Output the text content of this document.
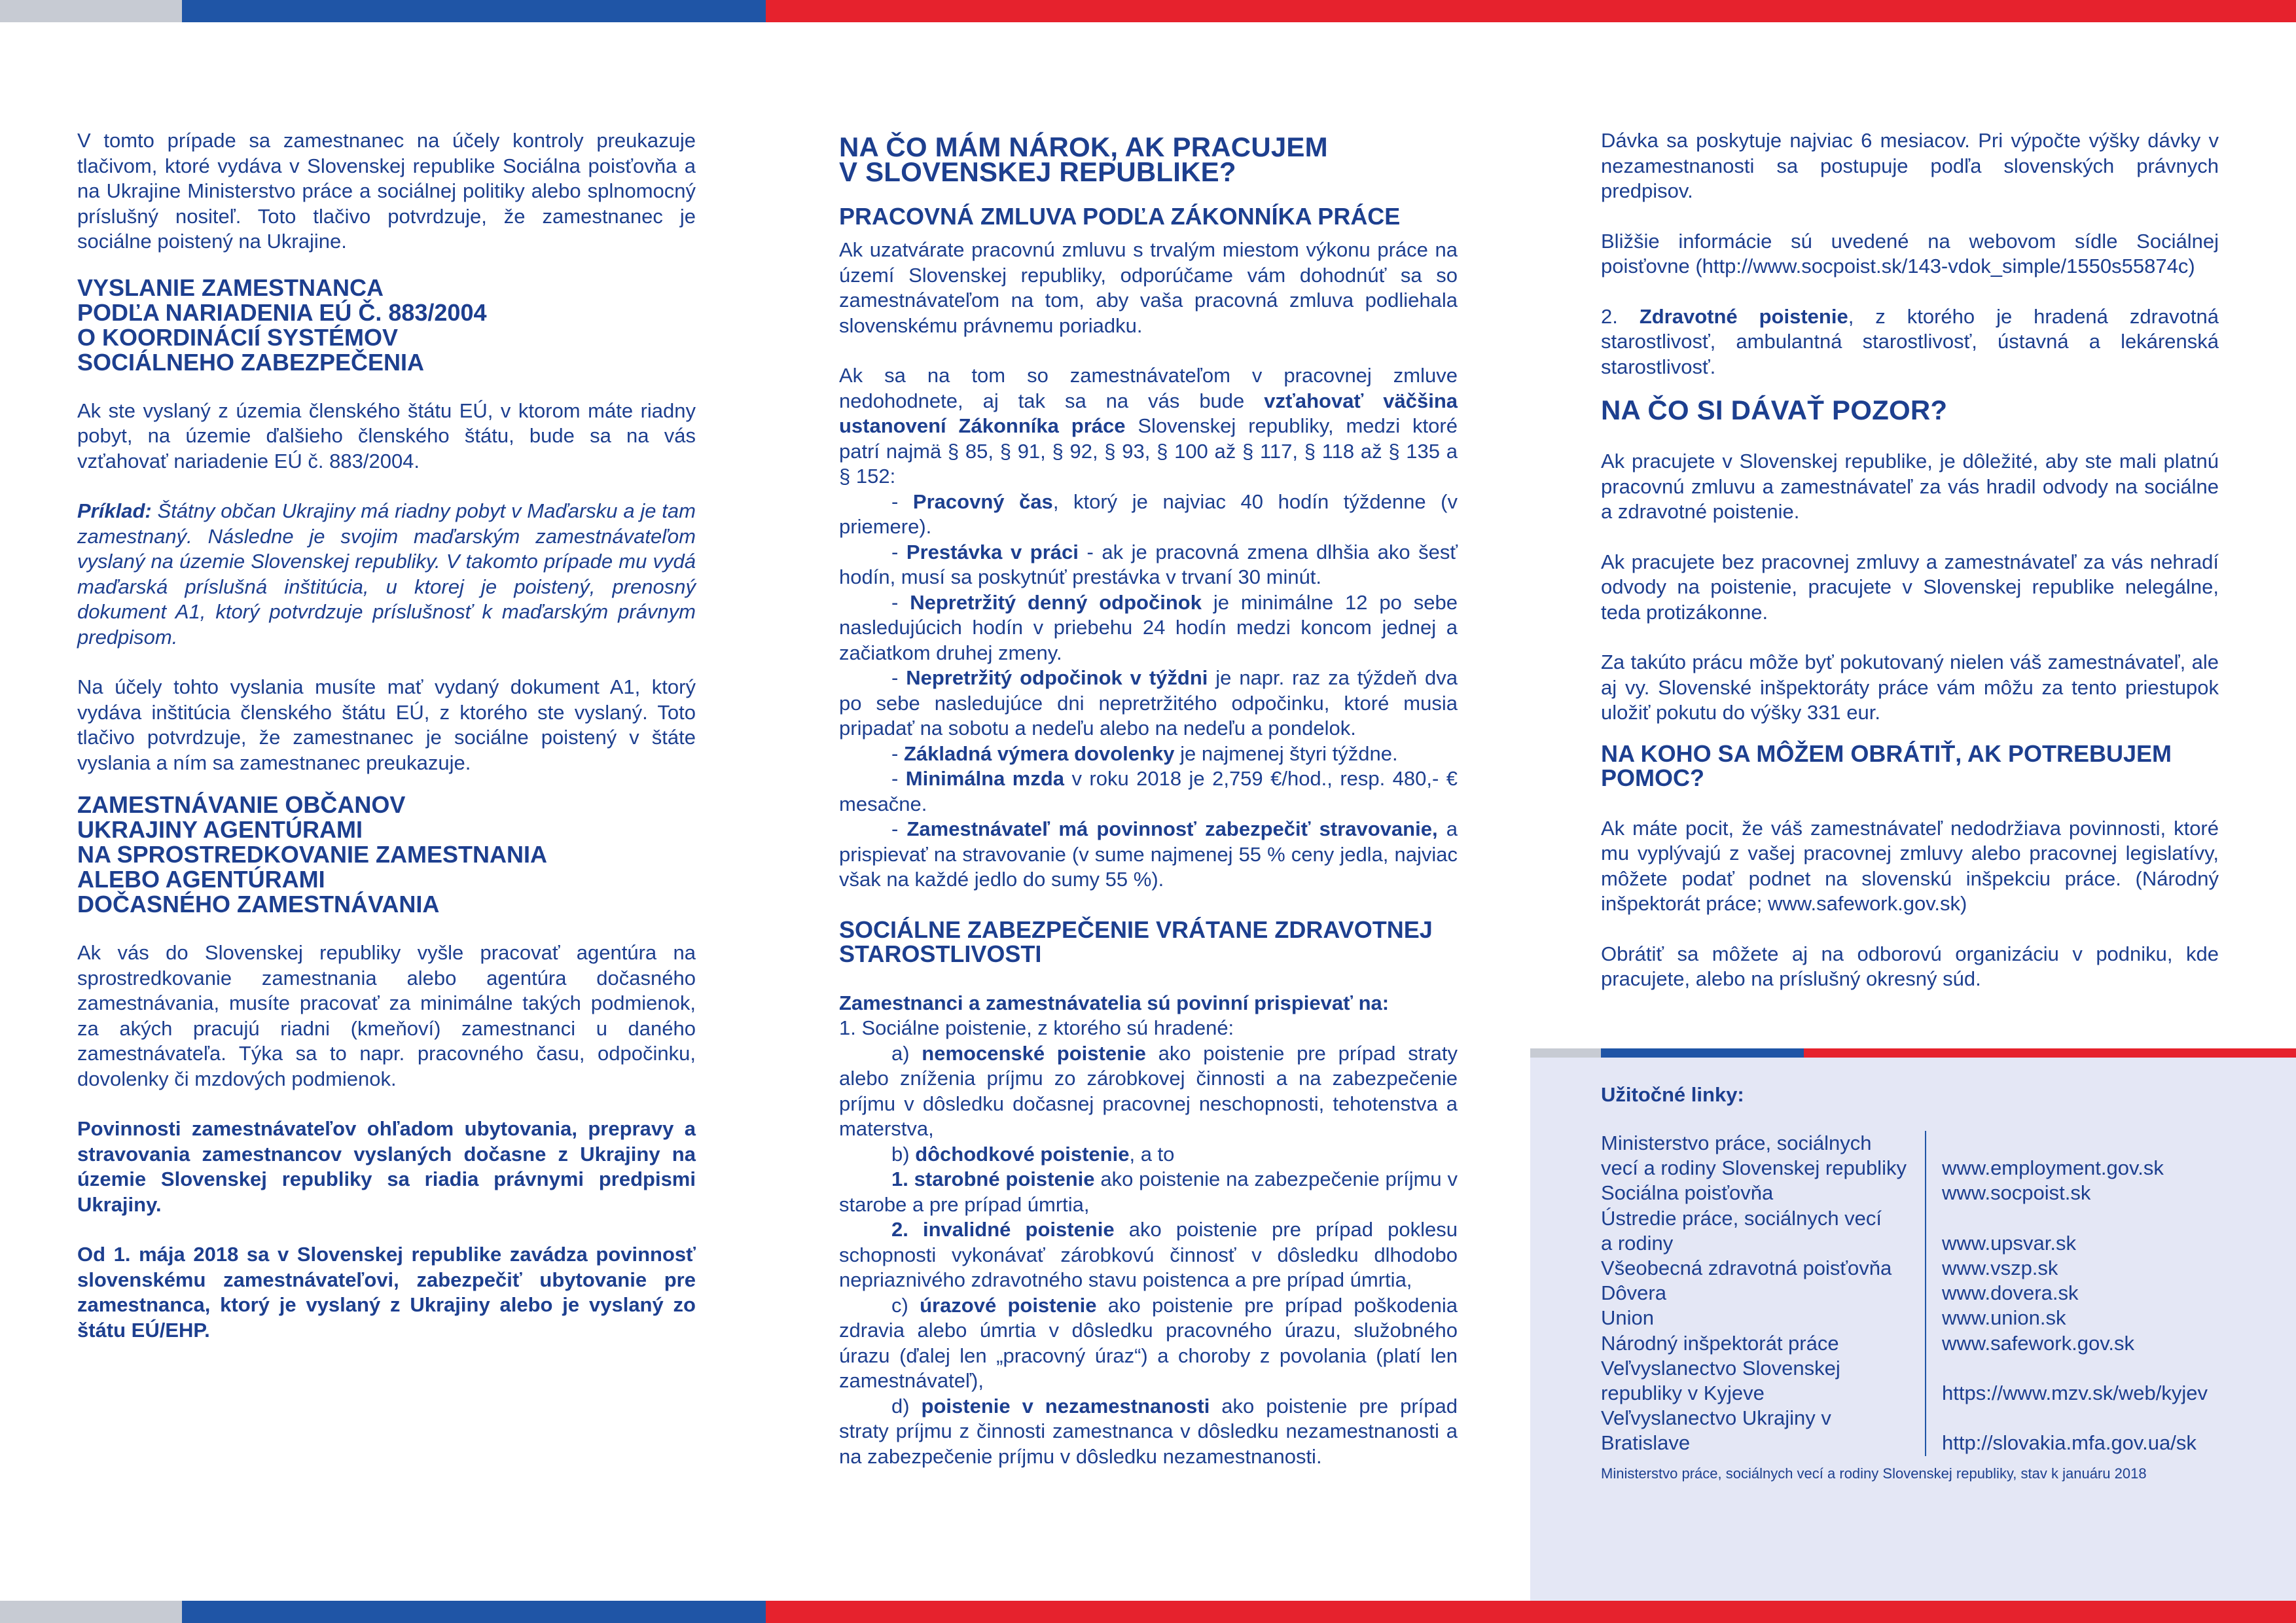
V tomto prípade sa zamestnanec na účely kontroly preukazuje tlačivom, ktoré vydáva v Slovenskej republike Sociálna poisťovňa a na Ukrajine Ministerstvo práce a sociálnej politiky alebo splnomocný príslušný nositeľ. Toto tlačivo potvrdzuje, že zamestnanec je sociálne poistený na Ukrajine.

VYSLANIE ZAMESTNANCA
PODĽA NARIADENIA EÚ Č. 883/2004
O KOORDINÁCIÍ SYSTÉMOV
SOCIÁLNEHO ZABEZPEČENIA

Ak ste vyslaný z územia členského štátu EÚ, v ktorom máte riadny pobyt, na územie ďalšieho členského štátu, bude sa na vás vzťahovať nariadenie EÚ č. 883/2004.

Príklad: Štátny občan Ukrajiny má riadny pobyt v Maďarsku a je tam zamestnaný. Následne je svojim maďarským zamestnávateľom vyslaný na územie Slovenskej republiky. V takomto prípade mu vydá maďarská príslušná inštitúcia, u ktorej je poistený, prenosný dokument A1, ktorý potvrdzuje príslušnosť k maďarským právnym predpisom.

Na účely tohto vyslania musíte mať vydaný dokument A1, ktorý vydáva inštitúcia členského štátu EÚ, z ktorého ste vyslaný. Toto tlačivo potvrdzuje, že zamestnanec je sociálne poistený v štáte vyslania a ním sa zamestnanec preukazuje.

ZAMESTNÁVANIE OBČANOV
UKRAJINY AGENTÚRAMI
NA SPROSTREDKOVANIE ZAMESTNANIA
ALEBO AGENTÚRAMI
DOČASNÉHO ZAMESTNÁVANIA

Ak vás do Slovenskej republiky vyšle pracovať agentúra na sprostredkovanie zamestnania alebo agentúra dočasného zamestnávania, musíte pracovať za minimálne takých podmienok, za akých pracujú riadni (kmeňoví) zamestnanci u daného zamestnávateľa. Týka sa to napr. pracovného času, odpočinku, dovolenky či mzdových podmienok.

Povinnosti zamestnávateľov ohľadom ubytovania, prepravy a stravovania zamestnancov vyslaných dočasne z Ukrajiny na územie Slovenskej republiky sa riadia právnymi predpismi Ukrajiny.

Od 1. mája 2018 sa v Slovenskej republike zavádza povinnosť slovenskému zamestnávateľovi, zabezpečiť ubytovanie pre zamestnanca, ktorý je vyslaný z Ukrajiny alebo je vyslaný zo štátu EÚ/EHP.

NA ČO MÁM NÁROK, AK PRACUJEM
V SLOVENSKEJ REPUBLIKE?
PRACOVNÁ ZMLUVA PODĽA ZÁKONNÍKA PRÁCE

Ak uzatvárate pracovnú zmluvu s trvalým miestom výkonu práce na území Slovenskej republiky, odporúčame vám dohodnúť sa so zamestnávateľom na tom, aby vaša pracovná zmluva podliehala slovenskému právnemu poriadku.

Ak sa na tom so zamestnávateľom v pracovnej zmluve nedohodnete, aj tak sa na vás bude vzťahovať väčšina ustanovení Zákonníka práce Slovenskej republiky, medzi ktoré patrí najmä § 85, § 91, § 92, § 93, § 100 až § 117, § 118 až § 135 a § 152:

- Pracovný čas, ktorý je najviac 40 hodín týždenne (v priemere).

- Prestávka v práci - ak je pracovná zmena dlhšia ako šesť hodín, musí sa poskytnúť prestávka v trvaní 30 minút.

- Nepretržitý denný odpočinok je minimálne 12 po sebe nasledujúcich hodín v priebehu 24 hodín medzi koncom jednej a začiatkom druhej zmeny.

- Nepretržitý odpočinok v týždni je napr. raz za týždeň dva po sebe nasledujúce dni nepretržitého odpočinku, ktoré musia pripadať na sobotu a nedeľu alebo na nedeľu a pondelok.

- Základná výmera dovolenky je najmenej štyri týždne.

- Minimálna mzda v roku 2018 je 2,759 €/hod., resp. 480,- € mesačne.

- Zamestnávateľ má povinnosť zabezpečiť stravovanie, a prispievať na stravovanie (v sume najmenej 55 % ceny jedla, najviac však na každé jedlo do sumy 55 %).

SOCIÁLNE ZABEZPEČENIE VRÁTANE ZDRAVOTNEJ STAROSTLIVOSTI

Zamestnanci a zamestnávatelia sú povinní prispievať na:

1. Sociálne poistenie, z ktorého sú hradené:

a) nemocenské poistenie ako poistenie pre prípad straty alebo zníženia príjmu zo zárobkovej činnosti a na zabezpečenie príjmu v dôsledku dočasnej pracovnej neschopnosti, tehotenstva a materstva,

b) dôchodkové poistenie, a to

1. starobné poistenie ako poistenie na zabezpečenie príjmu v starobe a pre prípad úmrtia,

2. invalidné poistenie ako poistenie pre prípad poklesu schopnosti vykonávať zárobkovú činnosť v dôsledku dlhodobo nepriaznivého zdravotného stavu poistenca a pre prípad úmrtia,

c) úrazové poistenie ako poistenie pre prípad poškodenia zdravia alebo úmrtia v dôsledku pracovného úrazu, služobného úrazu (ďalej len „pracovný úraz“) a choroby z povolania (platí len zamestnávateľ),

d) poistenie v nezamestnanosti ako poistenie pre prípad straty príjmu z činnosti zamestnanca v dôsledku nezamestnanosti a na zabezpečenie príjmu v dôsledku nezamestnanosti.

Dávka sa poskytuje najviac 6 mesiacov. Pri výpočte výšky dávky v nezamestnanosti sa postupuje podľa slovenských právnych predpisov.

Bližšie informácie sú uvedené na webovom sídle Sociálnej poisťovne (http://www.socpoist.sk/143-vdok_simple/1550s55874c)

2. Zdravotné poistenie, z ktorého je hradená zdravotná starostlivosť, ambulantná starostlivosť, ústavná a lekárenská starostlivosť.

NA ČO SI DÁVAŤ POZOR?

Ak pracujete v Slovenskej republike, je dôležité, aby ste mali platnú pracovnú zmluvu a zamestnávateľ za vás hradil odvody na sociálne a zdravotné poistenie.

Ak pracujete bez pracovnej zmluvy a zamestnávateľ za vás nehradí odvody na poistenie, pracujete v Slovenskej republike nelegálne, teda protizákonne.

Za takúto prácu môže byť pokutovaný nielen váš zamestnávateľ, ale aj vy. Slovenské inšpektoráty práce vám môžu za tento priestupok uložiť pokutu do výšky 331 eur.

NA KOHO SA MÔŽEM OBRÁTIŤ, AK POTREBUJEM POMOC?

Ak máte pocit, že váš zamestnávateľ nedodržiava povinnosti, ktoré mu vyplývajú z vašej pracovnej zmluvy alebo pracovnej legislatívy, môžete podať podnet na slovenskú inšpekciu práce. (Národný inšpektorát práce; www.safework.gov.sk)

Obrátiť sa môžete aj na odborovú organizáciu v podniku, kde pracujete, alebo na príslušný okresný súd.

Užitočné linky:
Ministerstvo práce, sociálnych
vecí a rodiny Slovenskej republiky	www.employment.gov.sk
Sociálna poisťovňa	www.socpoist.sk
Ústredie práce, sociálnych vecí
a rodiny	www.upsvar.sk
Všeobecná zdravotná poisťovňa	www.vszp.sk
Dôvera	www.dovera.sk
Union	www.union.sk
Národný inšpektorát práce	www.safework.gov.sk
Veľvyslanectvo Slovenskej
republiky v Kyjeve	https://www.mzv.sk/web/kyjev
Veľvyslanectvo Ukrajiny v Bratislave	http://slovakia.mfa.gov.ua/sk
Ministerstvo práce, sociálnych vecí a rodiny Slovenskej republiky, stav k januáru 2018
